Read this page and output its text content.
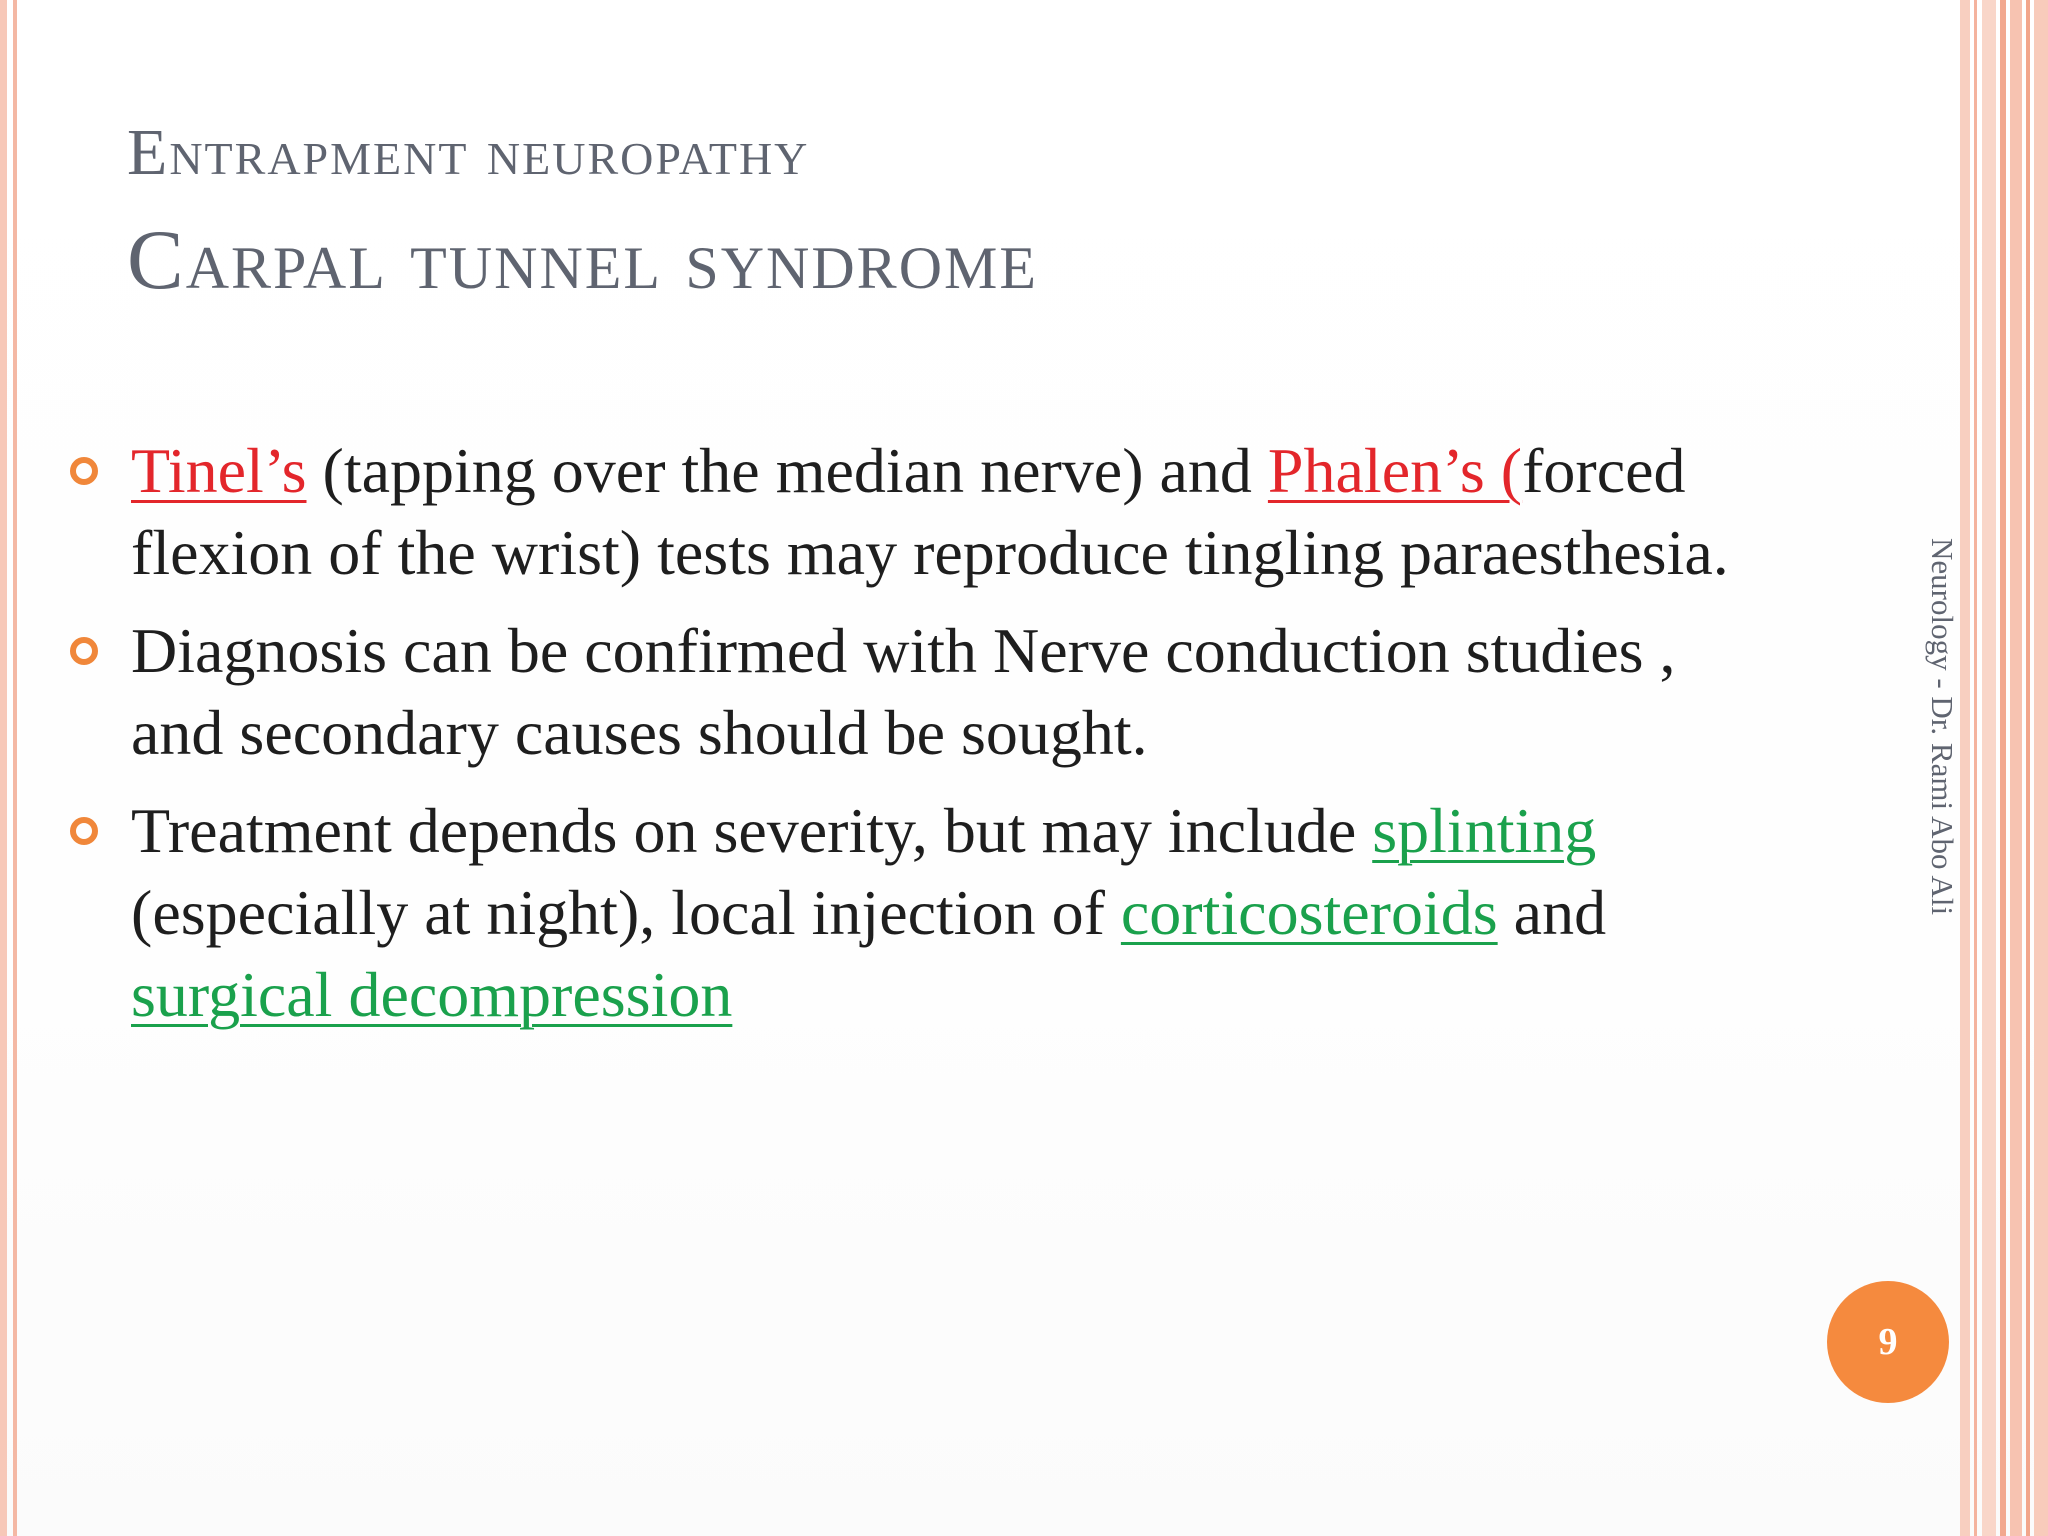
Entrapment neuropathy
Carpal tunnel syndrome
Tinel’s (tapping over the median nerve) and Phalen’s (forced flexion of the wrist) tests may reproduce tingling paraesthesia.
Diagnosis can be confirmed with Nerve conduction studies , and secondary causes should be sought.
Treatment depends on severity, but may include splinting (especially at night), local injection of corticosteroids and surgical decompression
Neurology - Dr. Rami Abo Ali
9
